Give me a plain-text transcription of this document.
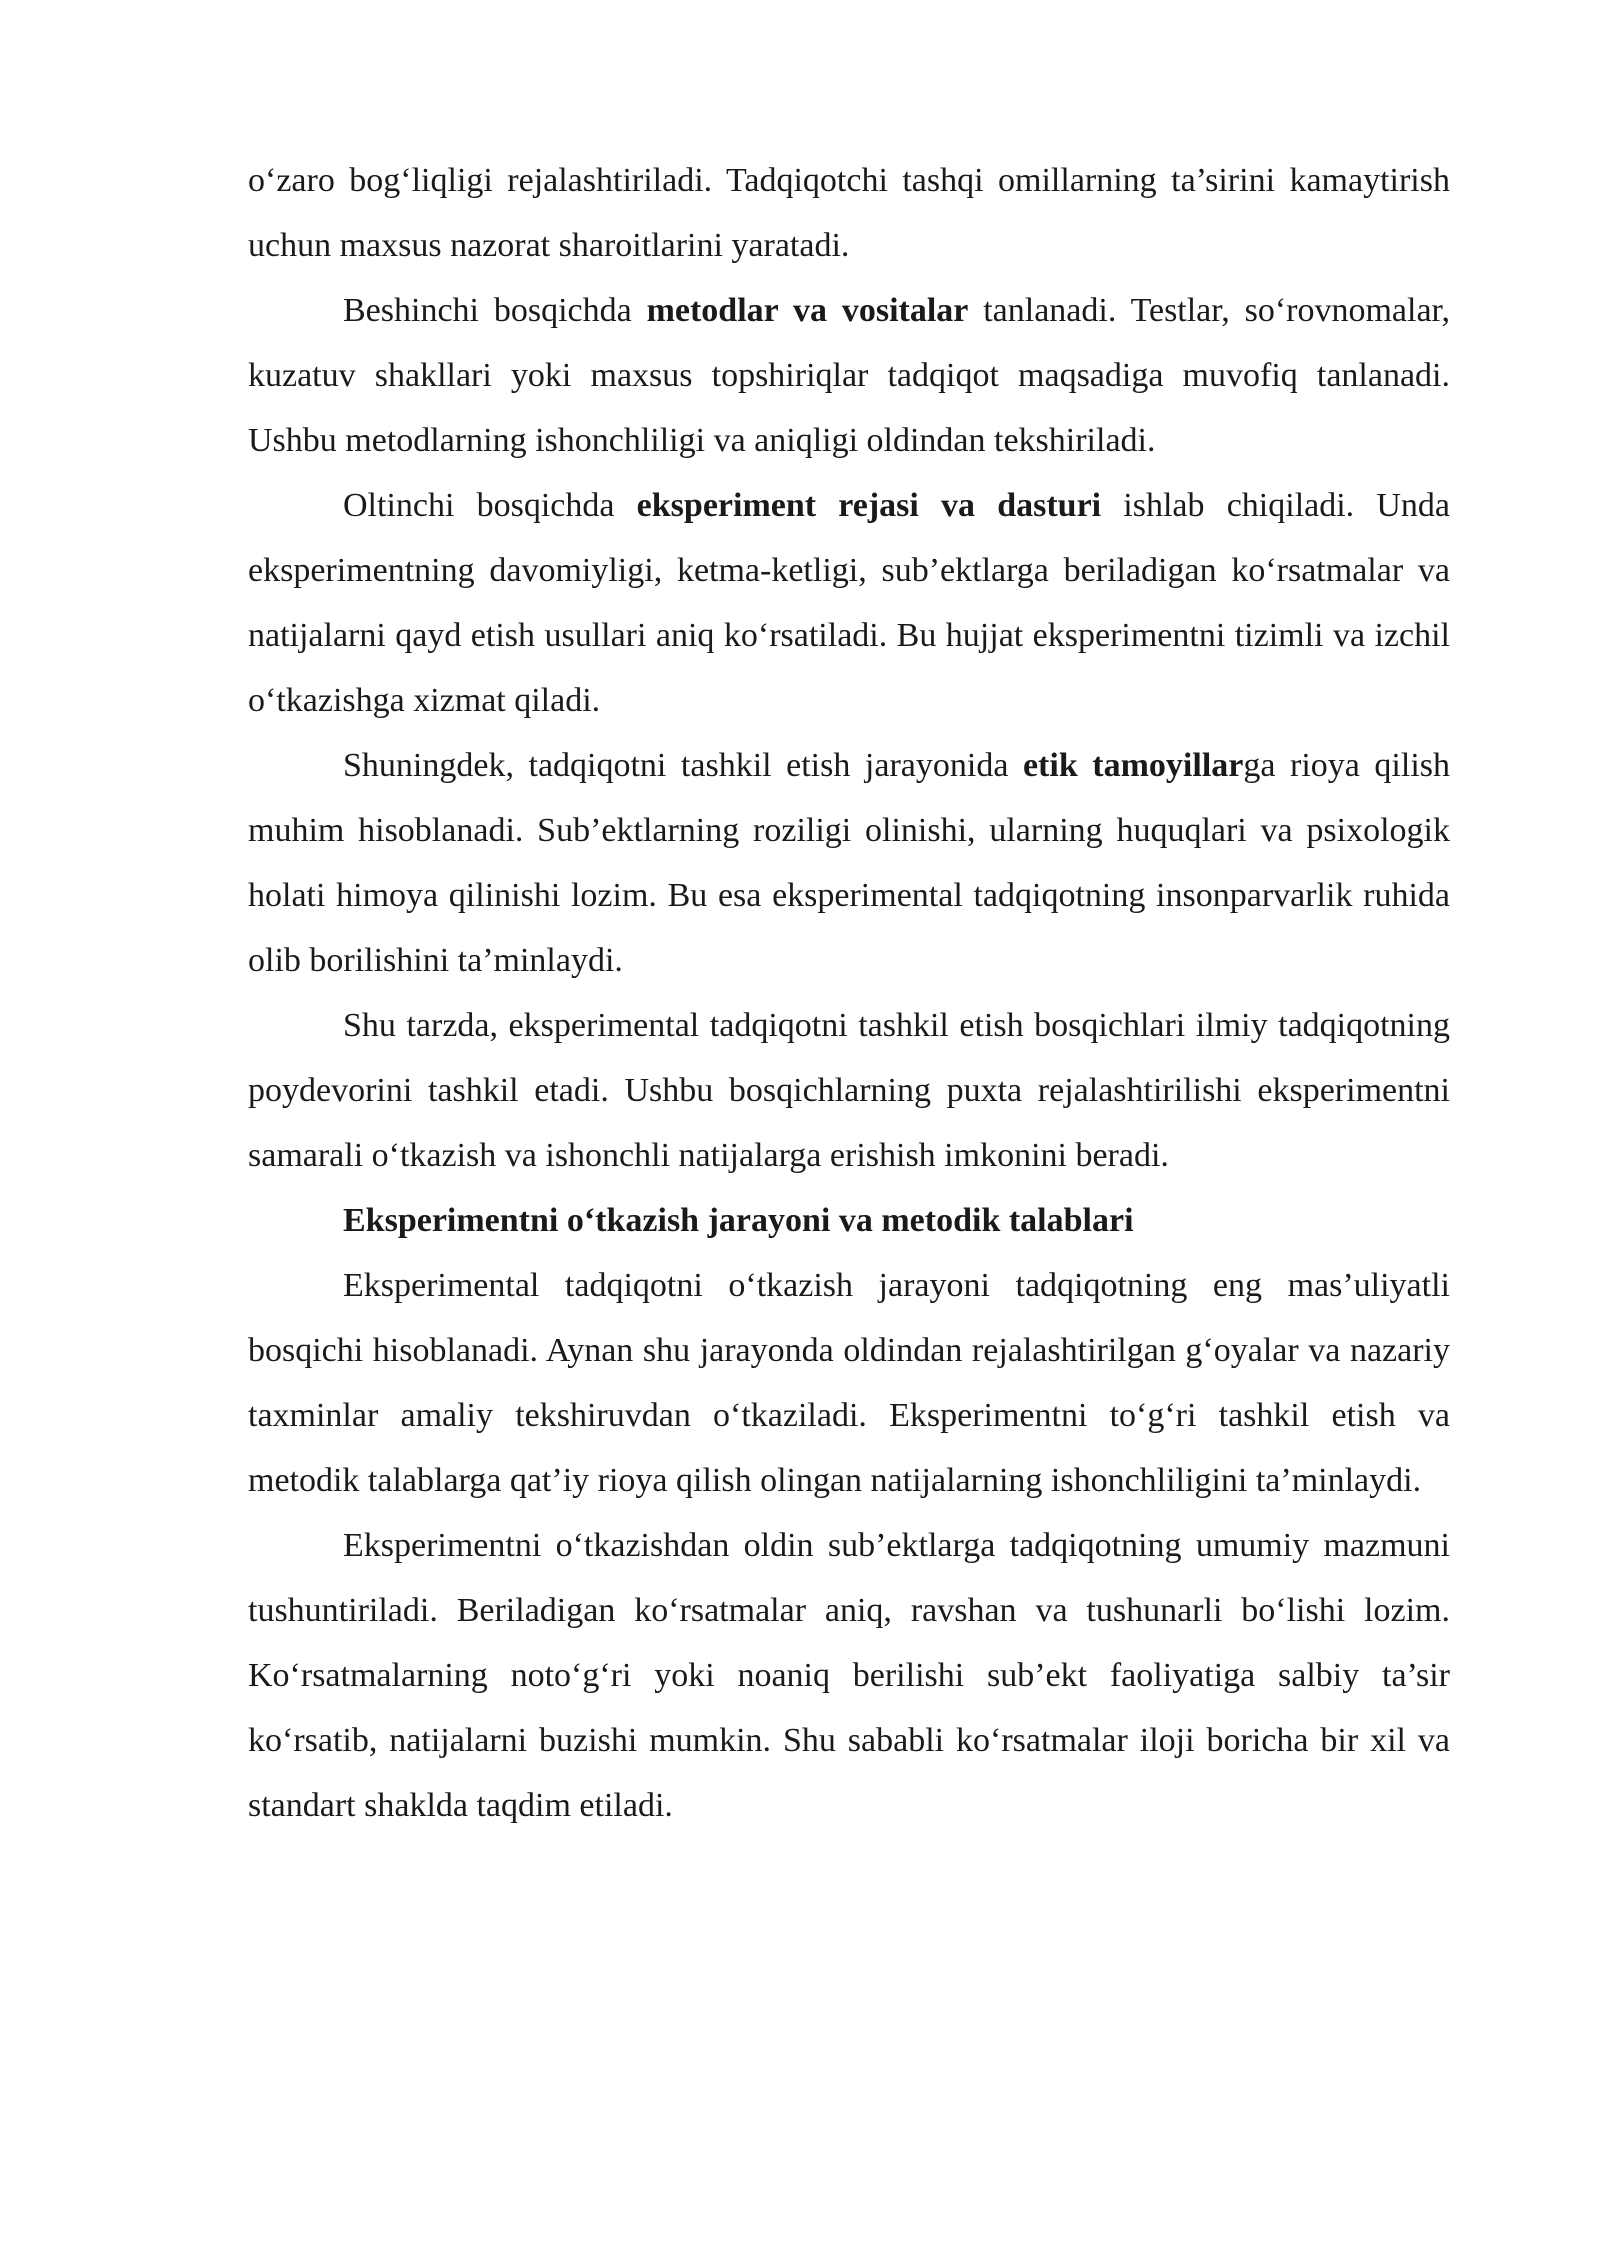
o‘zaro bog‘liqligi rejalashtiriladi. Tadqiqotchi tashqi omillarning ta’sirini kamaytirish uchun maxsus nazorat sharoitlarini yaratadi.

Beshinchi bosqichda metodlar va vositalar tanlanadi. Testlar, so‘rovnomalar, kuzatuv shakllari yoki maxsus topshiriqlar tadqiqot maqsadiga muvofiq tanlanadi. Ushbu metodlarning ishonchliligi va aniqligi oldindan tekshiriladi.

Oltinchi bosqichda eksperiment rejasi va dasturi ishlab chiqiladi. Unda eksperimentning davomiyligi, ketma-ketligi, sub’ektlarga beriladigan ko‘rsatmalar va natijalarni qayd etish usullari aniq ko‘rsatiladi. Bu hujjat eksperimentni tizimli va izchil o‘tkazishga xizmat qiladi.

Shuningdek, tadqiqotni tashkil etish jarayonida etik tamoyillarga rioya qilish muhim hisoblanadi. Sub’ektlarning roziligi olinishi, ularning huquqlari va psixologik holati himoya qilinishi lozim. Bu esa eksperimental tadqiqotning insonparvarlik ruhida olib borilishini ta’minlaydi.

Shu tarzda, eksperimental tadqiqotni tashkil etish bosqichlari ilmiy tadqiqotning poydevorini tashkil etadi. Ushbu bosqichlarning puxta rejalashtirilishi eksperimentni samarali o‘tkazish va ishonchli natijalarga erishish imkonini beradi.

Eksperimentni o‘tkazish jarayoni va metodik talablari

Eksperimental tadqiqotni o‘tkazish jarayoni tadqiqotning eng mas’uliyatli bosqichi hisoblanadi. Aynan shu jarayonda oldindan rejalashtirilgan g‘oyalar va nazariy taxminlar amaliy tekshiruvdan o‘tkaziladi. Eksperimentni to‘g‘ri tashkil etish va metodik talablarga qat’iy rioya qilish olingan natijalarning ishonchliligini ta’minlaydi.

Eksperimentni o‘tkazishdan oldin sub’ektlarga tadqiqotning umumiy mazmuni tushuntiriladi. Beriladigan ko‘rsatmalar aniq, ravshan va tushunarli bo‘lishi lozim. Ko‘rsatmalarning noto‘g‘ri yoki noaniq berilishi sub’ekt faoliyatiga salbiy ta’sir ko‘rsatib, natijalarni buzishi mumkin. Shu sababli ko‘rsatmalar iloji boricha bir xil va standart shaklda taqdim etiladi.
